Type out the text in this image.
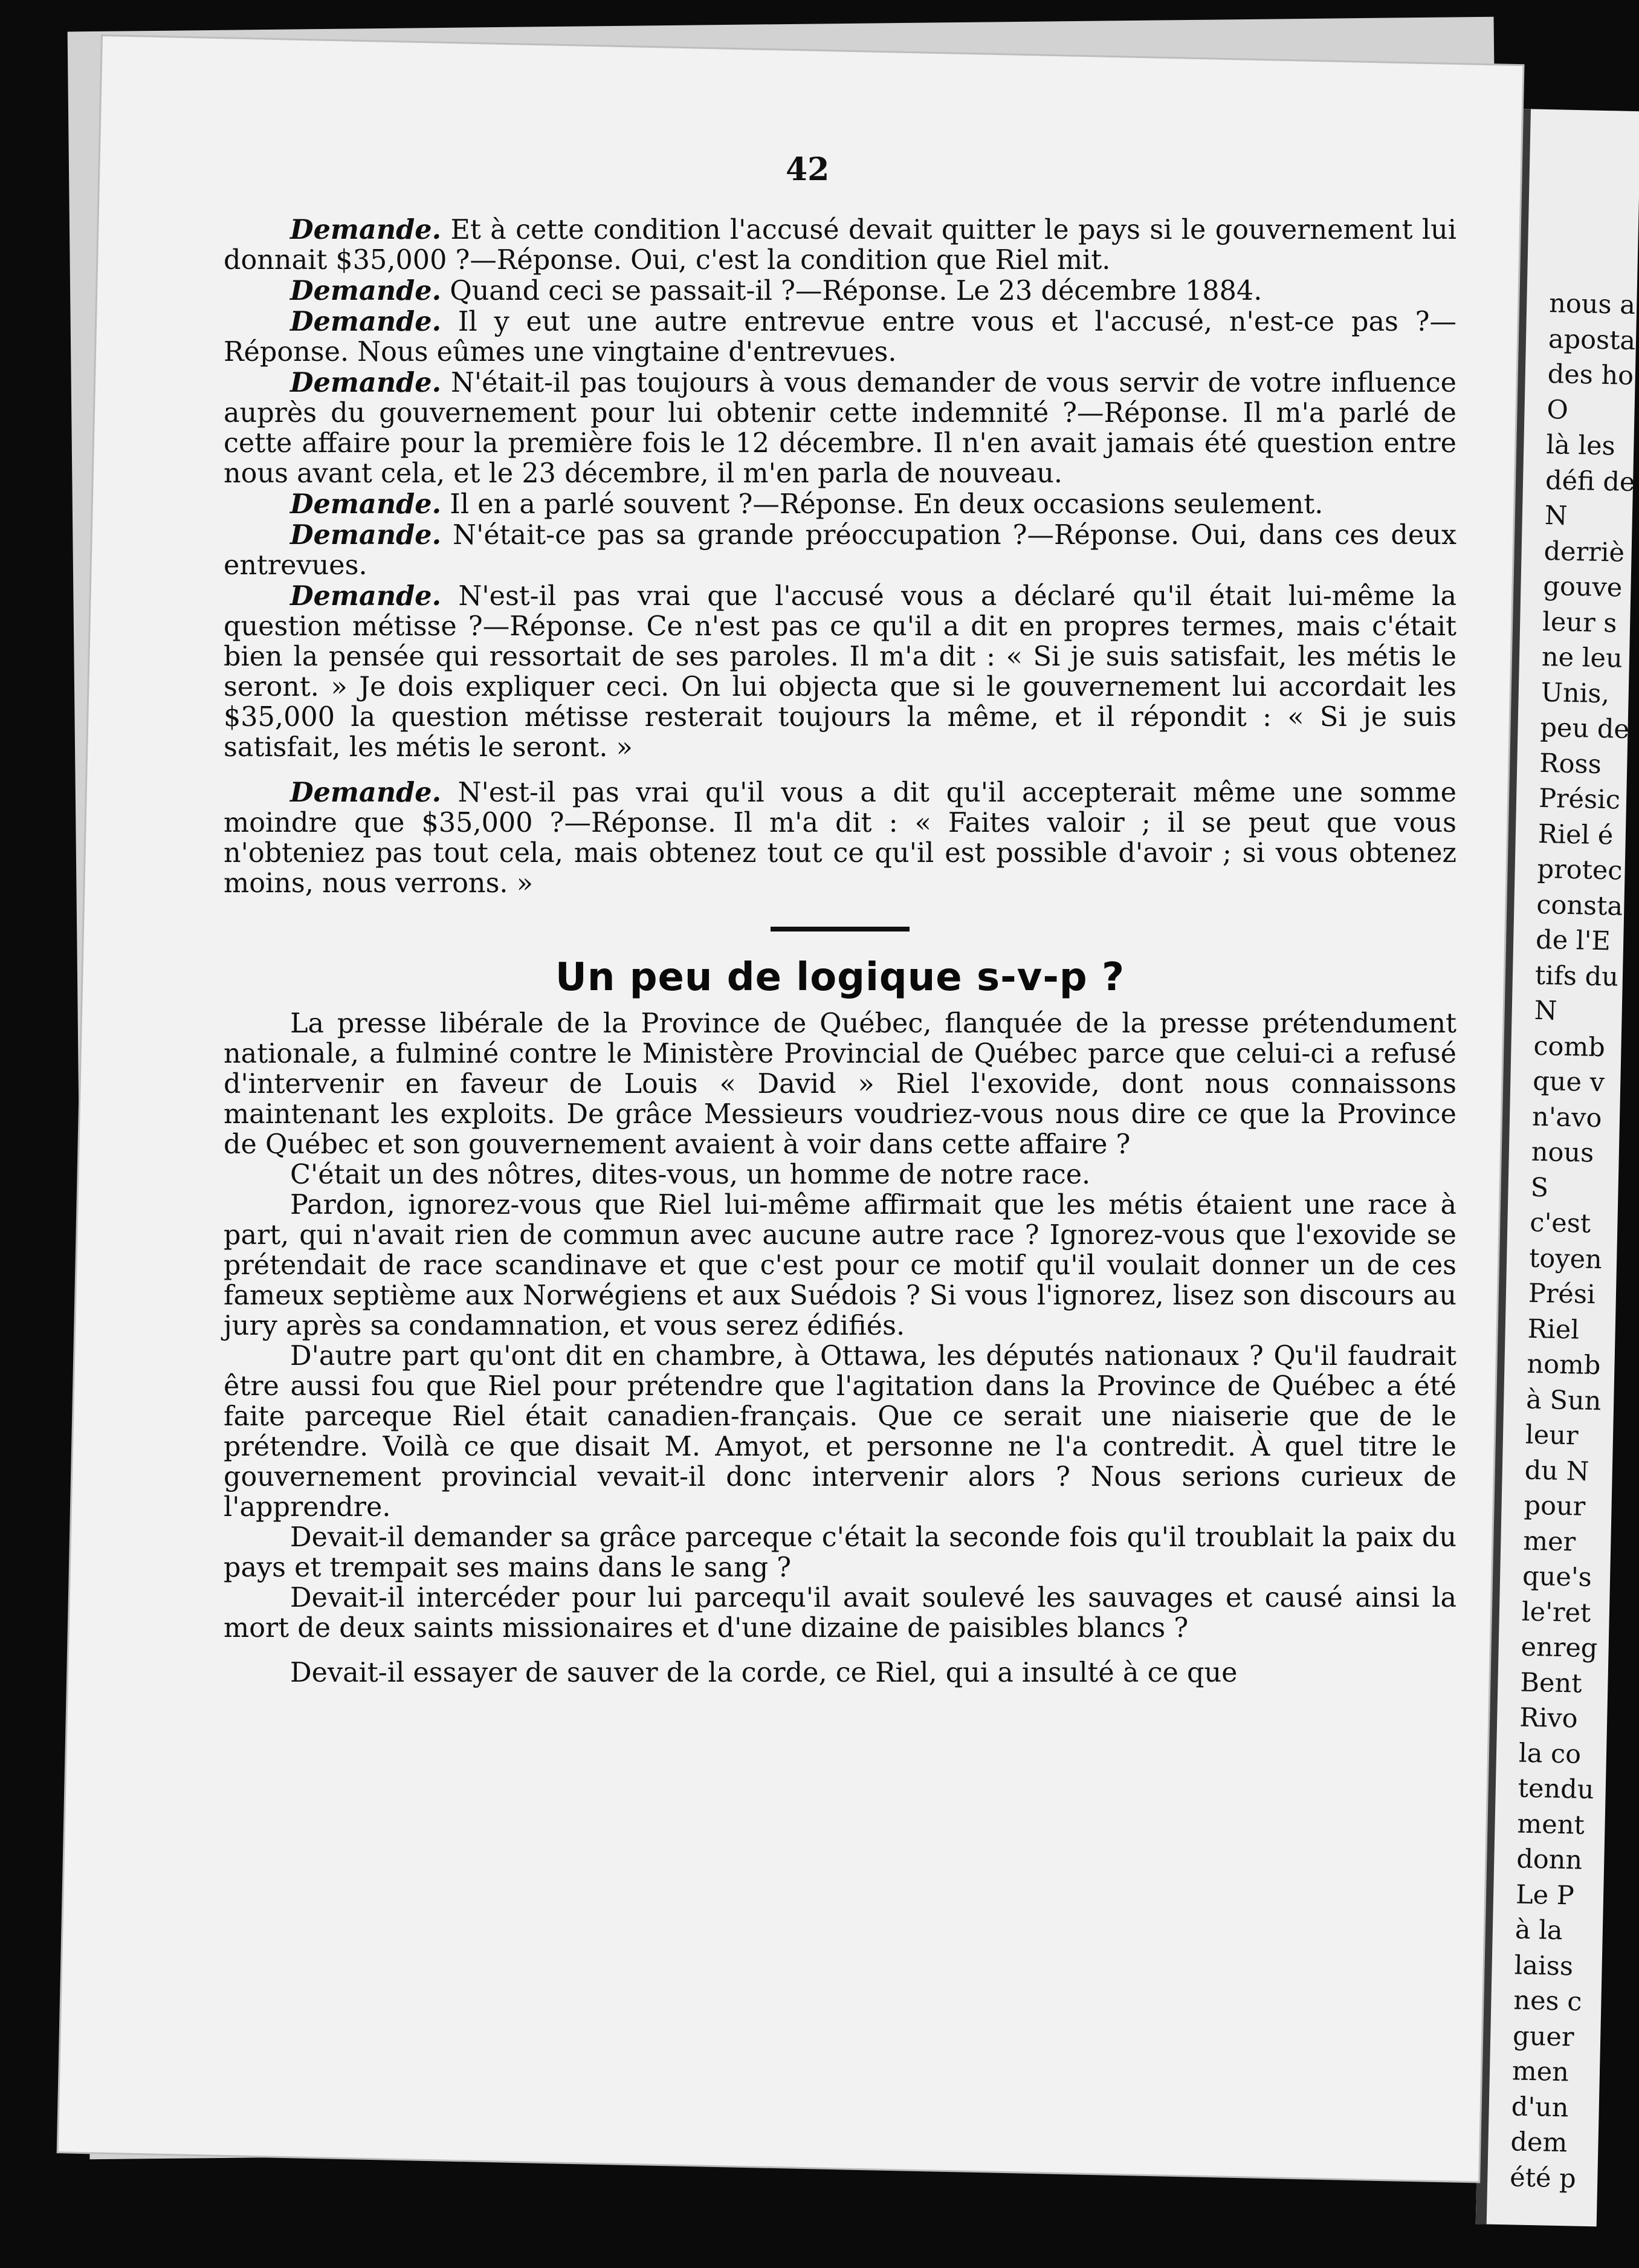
nous a
aposta
des ho
O
là les
défi de
N
derriè
gouve
leur s
ne leu
Unis,
peu de
Ross
Présic
Riel é
protec
consta
de l'E
tifs du
N
comb
que v
n'avo
nous
S
c'est
toyen
Prési
Riel
nomb
à Sun
leur
du N
pour
mer
que's
le'ret
enreg
Bent
Rivo
la co
tendu
ment
donn
Le P
à la
laiss
nes c
guer
men
d'un
dem
été p
42

Demande. Et à cette condition l'accusé devait quitter le pays si le gouvernement lui donnait $35,000 ?—Réponse. Oui, c'est la condition que Riel mit.

Demande. Quand ceci se passait-il ?—Réponse. Le 23 décembre 1884.

Demande. Il y eut une autre entrevue entre vous et l'accusé, n'est-ce pas ?—Réponse. Nous eûmes une vingtaine d'entrevues.

Demande. N'était-il pas toujours à vous demander de vous servir de votre influence auprès du gouvernement pour lui obtenir cette indemnité ?—Réponse. Il m'a parlé de cette affaire pour la première fois le 12 décembre. Il n'en avait jamais été question entre nous avant cela, et le 23 décembre, il m'en parla de nouveau.

Demande. Il en a parlé souvent ?—Réponse. En deux occasions seulement.

Demande. N'était-ce pas sa grande préoccupation ?—Réponse. Oui, dans ces deux entrevues.

Demande. N'est-il pas vrai que l'accusé vous a déclaré qu'il était lui-même la question métisse ?—Réponse. Ce n'est pas ce qu'il a dit en propres termes, mais c'était bien la pensée qui ressortait de ses paroles. Il m'a dit : « Si je suis satisfait, les métis le seront. » Je dois expliquer ceci. On lui objecta que si le gouvernement lui accordait les $35,000 la question métisse resterait toujours la même, et il répondit : « Si je suis satisfait, les métis le seront. »

Demande. N'est-il pas vrai qu'il vous a dit qu'il accepterait même une somme moindre que $35,000 ?—Réponse. Il m'a dit : « Faites valoir ; il se peut que vous n'obteniez pas tout cela, mais obtenez tout ce qu'il est possible d'avoir ; si vous obtenez moins, nous verrons. »

Un peu de logique s-v-p ?

La presse libérale de la Province de Québec, flanquée de la presse prétendument nationale, a fulminé contre le Ministère Provincial de Québec parce que celui-ci a refusé d'intervenir en faveur de Louis « David » Riel l'exovide, dont nous connaissons maintenant les exploits. De grâce Messieurs voudriez-vous nous dire ce que la Province de Québec et son gouvernement avaient à voir dans cette affaire ?

C'était un des nôtres, dites-vous, un homme de notre race.

Pardon, ignorez-vous que Riel lui-même affirmait que les métis étaient une race à part, qui n'avait rien de commun avec aucune autre race ? Ignorez-vous que l'exovide se prétendait de race scandinave et que c'est pour ce motif qu'il voulait donner un de ces fameux septième aux Norwégiens et aux Suédois ? Si vous l'ignorez, lisez son discours au jury après sa condamnation, et vous serez édifiés.

D'autre part qu'ont dit en chambre, à Ottawa, les députés nationaux ? Qu'il faudrait être aussi fou que Riel pour prétendre que l'agitation dans la Province de Québec a été faite parceque Riel était canadien-français. Que ce serait une niaiserie que de le prétendre. Voilà ce que disait M. Amyot, et personne ne l'a contredit. À quel titre le gouvernement provincial vevait-il donc intervenir alors ? Nous serions curieux de l'apprendre.

Devait-il demander sa grâce parceque c'était la seconde fois qu'il troublait la paix du pays et trempait ses mains dans le sang ?

Devait-il intercéder pour lui parcequ'il avait soulevé les sauvages et causé ainsi la mort de deux saints missionaires et d'une dizaine de paisibles blancs ?

Devait-il essayer de sauver de la corde, ce Riel, qui a insulté à ce que
